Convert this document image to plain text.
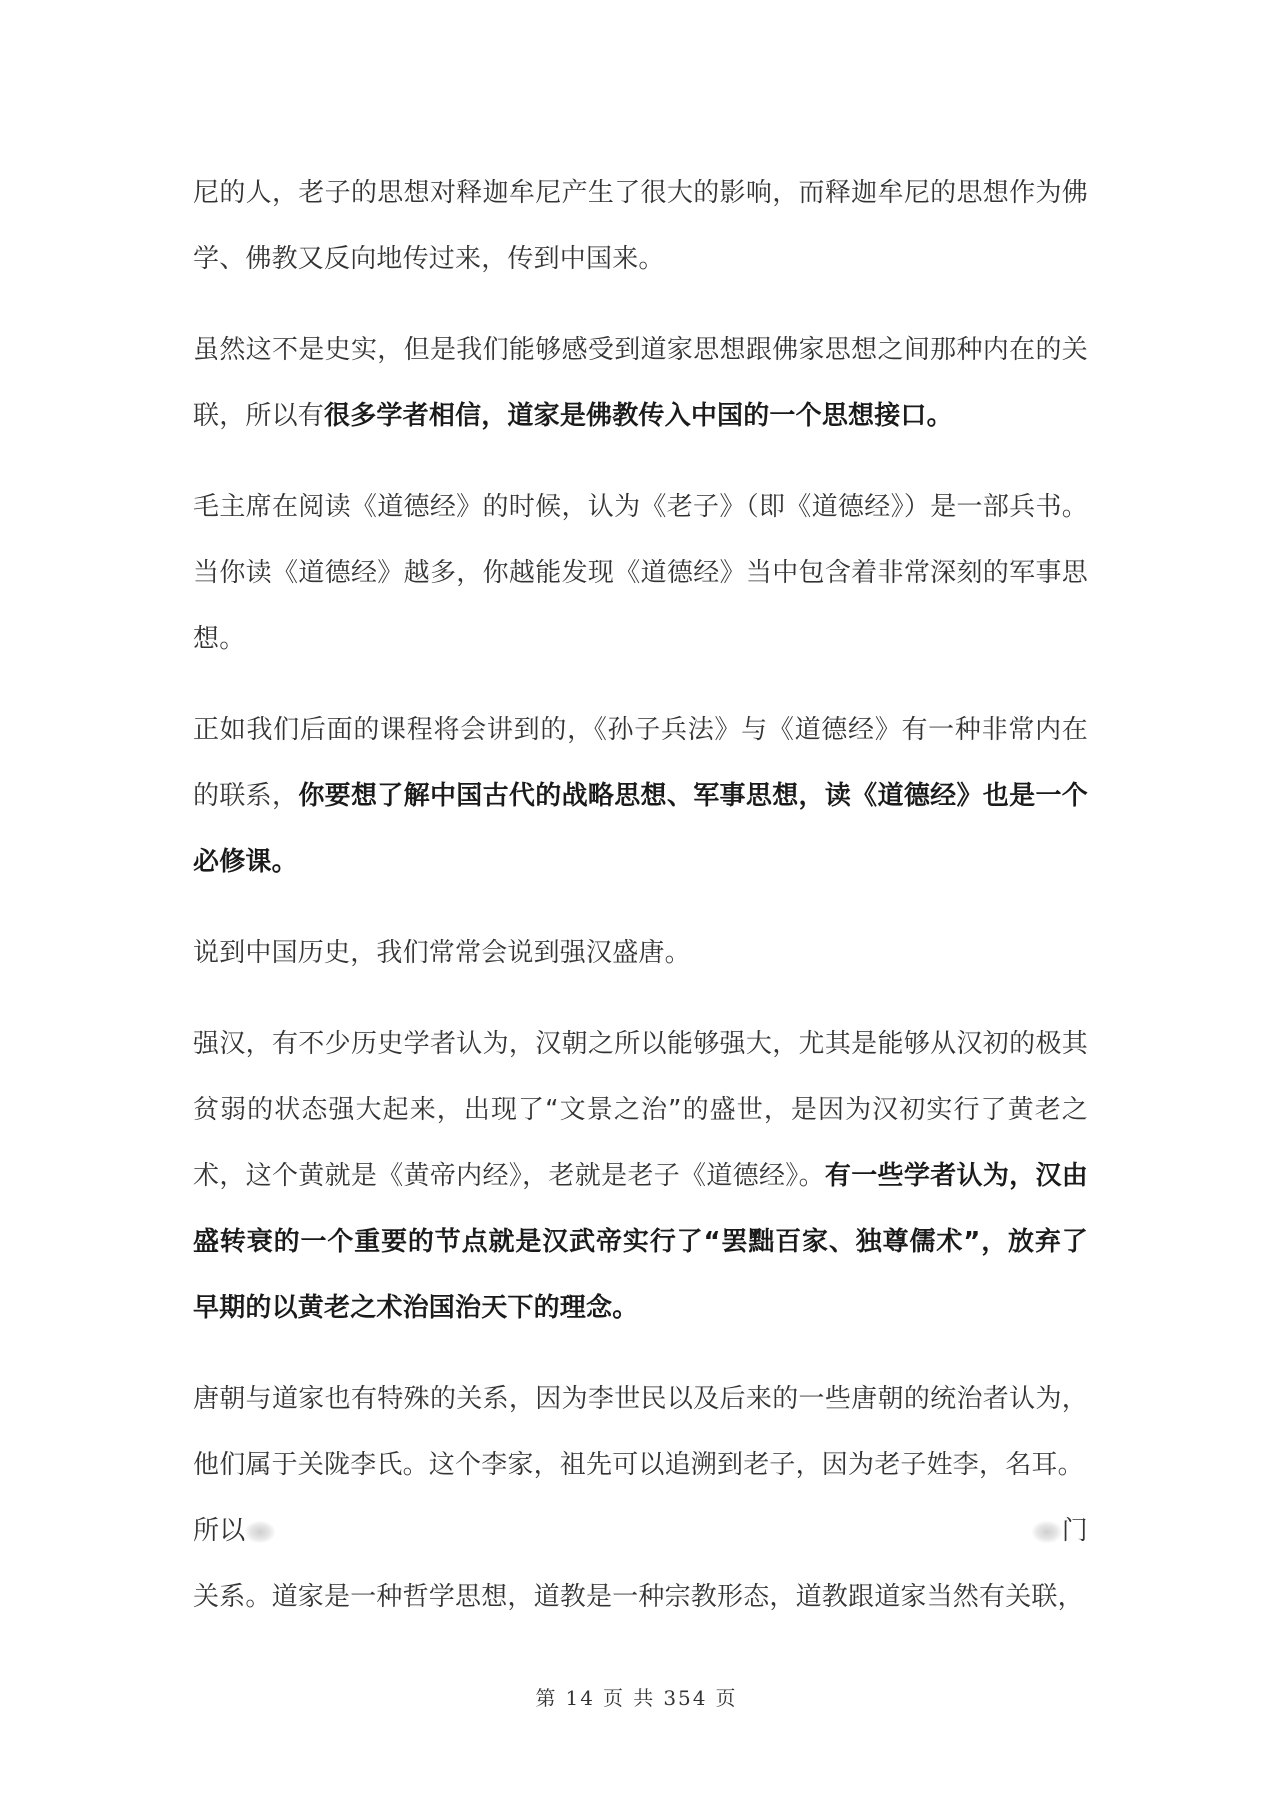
尼的人，老子的思想对释迦牟尼产生了很大的影响，而释迦牟尼的思想作为佛学、佛教又反向地传过来，传到中国来。
虽然这不是史实，但是我们能够感受到道家思想跟佛家思想之间那种内在的关联，所以有很多学者相信，道家是佛教传入中国的一个思想接口。
毛主席在阅读《道德经》的时候，认为《老子》（即《道德经》）是一部兵书。当你读《道德经》越多，你越能发现《道德经》当中包含着非常深刻的军事思想。
正如我们后面的课程将会讲到的，《孙子兵法》与《道德经》有一种非常内在的联系，你要想了解中国古代的战略思想、军事思想，读《道德经》也是一个必修课。
说到中国历史，我们常常会说到强汉盛唐。
强汉，有不少历史学者认为，汉朝之所以能够强大，尤其是能够从汉初的极其贫弱的状态强大起来，出现了“文景之治”的盛世，是因为汉初实行了黄老之术，这个黄就是《黄帝内经》，老就是老子《道德经》。有一些学者认为，汉由盛转衰的一个重要的节点就是汉武帝实行了“罢黜百家、独尊儒术”，放弃了早期的以黄老之术治国治天下的理念。
唐朝与道家也有特殊的关系，因为李世民以及后来的一些唐朝的统治者认为，他们属于关陇李氏。这个李家，祖先可以追溯到老子，因为老子姓李，名耳。
所以	门
关系。道家是一种哲学思想，道教是一种宗教形态，道教跟道家当然有关联，
第 14 页 共 354 页
